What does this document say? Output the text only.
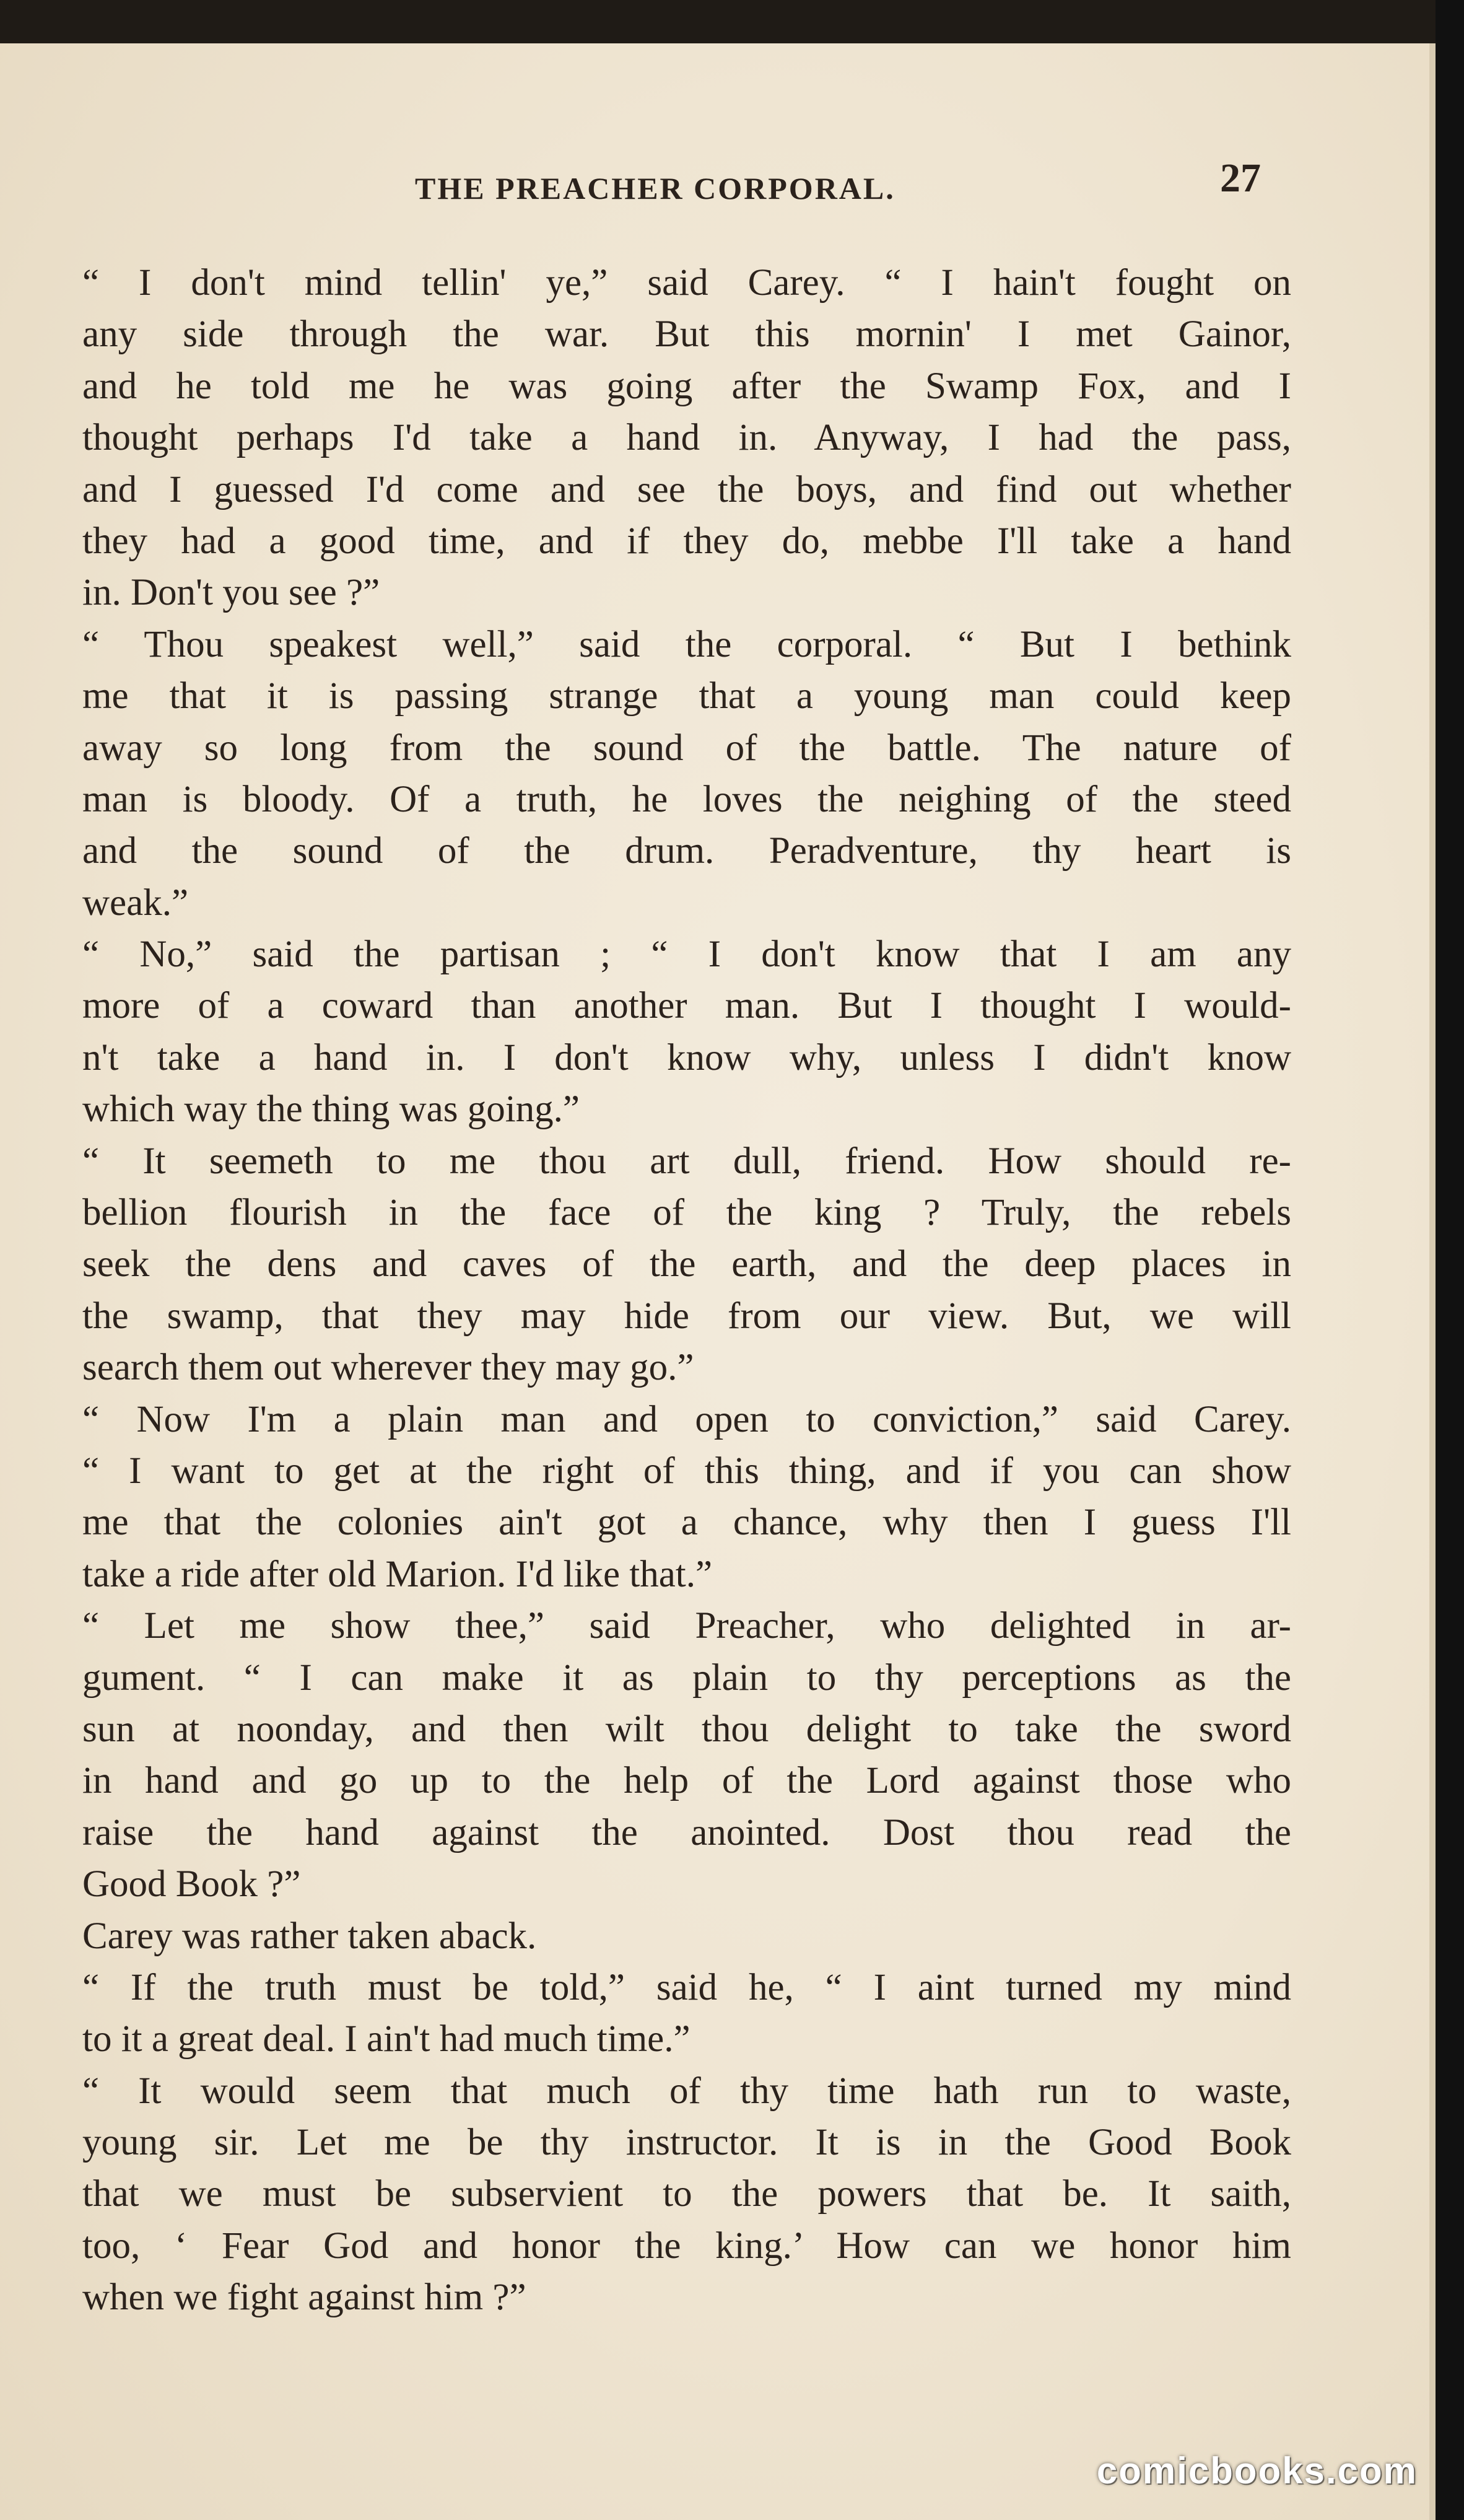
THE PREACHER CORPORAL.	27
“ I don't mind tellin' ye,” said Carey. “ I hain't fought on
any side through the war. But this mornin' I met Gainor,
and he told me he was going after the Swamp Fox, and I
thought perhaps I'd take a hand in. Anyway, I had the pass,
and I guessed I'd come and see the boys, and find out whether
they had a good time, and if they do, mebbe I'll take a hand
in. Don't you see ?”
“ Thou speakest well,” said the corporal. “ But I bethink
me that it is passing strange that a young man could keep
away so long from the sound of the battle. The nature of
man is bloody. Of a truth, he loves the neighing of the steed
and the sound of the drum. Peradventure, thy heart is
weak.”
“ No,” said the partisan ; “ I don't know that I am any
more of a coward than another man. But I thought I would-
n't take a hand in. I don't know why, unless I didn't know
which way the thing was going.”
“ It seemeth to me thou art dull, friend. How should re-
bellion flourish in the face of the king ? Truly, the rebels
seek the dens and caves of the earth, and the deep places in
the swamp, that they may hide from our view. But, we will
search them out wherever they may go.”
“ Now I'm a plain man and open to conviction,” said Carey.
“ I want to get at the right of this thing, and if you can show
me that the colonies ain't got a chance, why then I guess I'll
take a ride after old Marion. I'd like that.”
“ Let me show thee,” said Preacher, who delighted in ar-
gument. “ I can make it as plain to thy perceptions as the
sun at noonday, and then wilt thou delight to take the sword
in hand and go up to the help of the Lord against those who
raise the hand against the anointed. Dost thou read the
Good Book ?”
Carey was rather taken aback.
“ If the truth must be told,” said he, “ I aint turned my mind
to it a great deal. I ain't had much time.”
“ It would seem that much of thy time hath run to waste,
young sir. Let me be thy instructor. It is in the Good Book
that we must be subservient to the powers that be. It saith,
too, ‘ Fear God and honor the king.’ How can we honor him
when we fight against him ?”
comicbooks.com
